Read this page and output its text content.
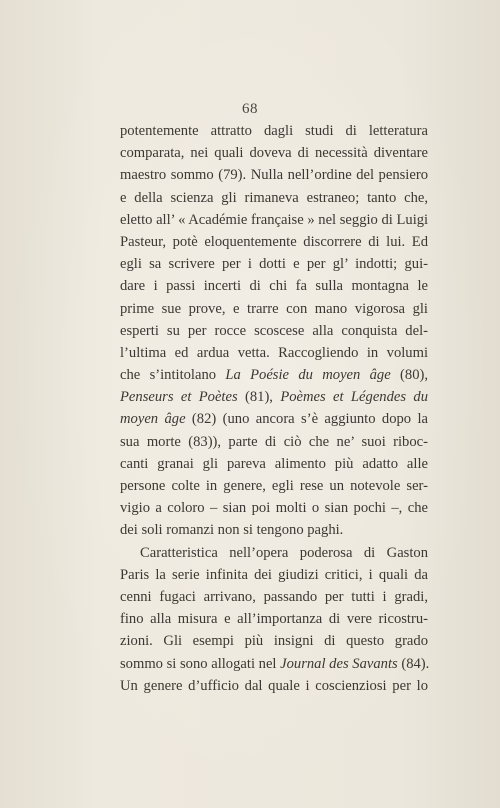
68
potentemente attratto dagli studi di letteratura
comparata, nei quali doveva di necessità diventare
maestro sommo (79). Nulla nell’ordine del pensiero
e della scienza gli rimaneva estraneo; tanto che,
eletto all’ « Académie française » nel seggio di Luigi
Pasteur, potè eloquentemente discorrere di lui. Ed
egli sa scrivere per i dotti e per gl’ indotti; gui-
dare i passi incerti di chi fa sulla montagna le
prime sue prove, e trarre con mano vigorosa gli
esperti su per rocce scoscese alla conquista del-
l’ultima ed ardua vetta. Raccogliendo in volumi
che s’intitolano La Poésie du moyen âge (80),
Penseurs et Poètes (81), Poèmes et Légendes du
moyen âge (82) (uno ancora s’è aggiunto dopo la
sua morte (83)), parte di ciò che ne’ suoi riboc-
canti granai gli pareva alimento più adatto alle
persone colte in genere, egli rese un notevole ser-
vigio a coloro – sian poi molti o sian pochi –, che
dei soli romanzi non si tengono paghi.
Caratteristica nell’opera poderosa di Gaston
Paris la serie infinita dei giudizi critici, i quali da
cenni fugaci arrivano, passando per tutti i gradi,
fino alla misura e all’importanza di vere ricostru-
zioni. Gli esempi più insigni di questo grado
sommo si sono allogati nel Journal des Savants (84).
Un genere d’ufficio dal quale i coscienziosi per lo
